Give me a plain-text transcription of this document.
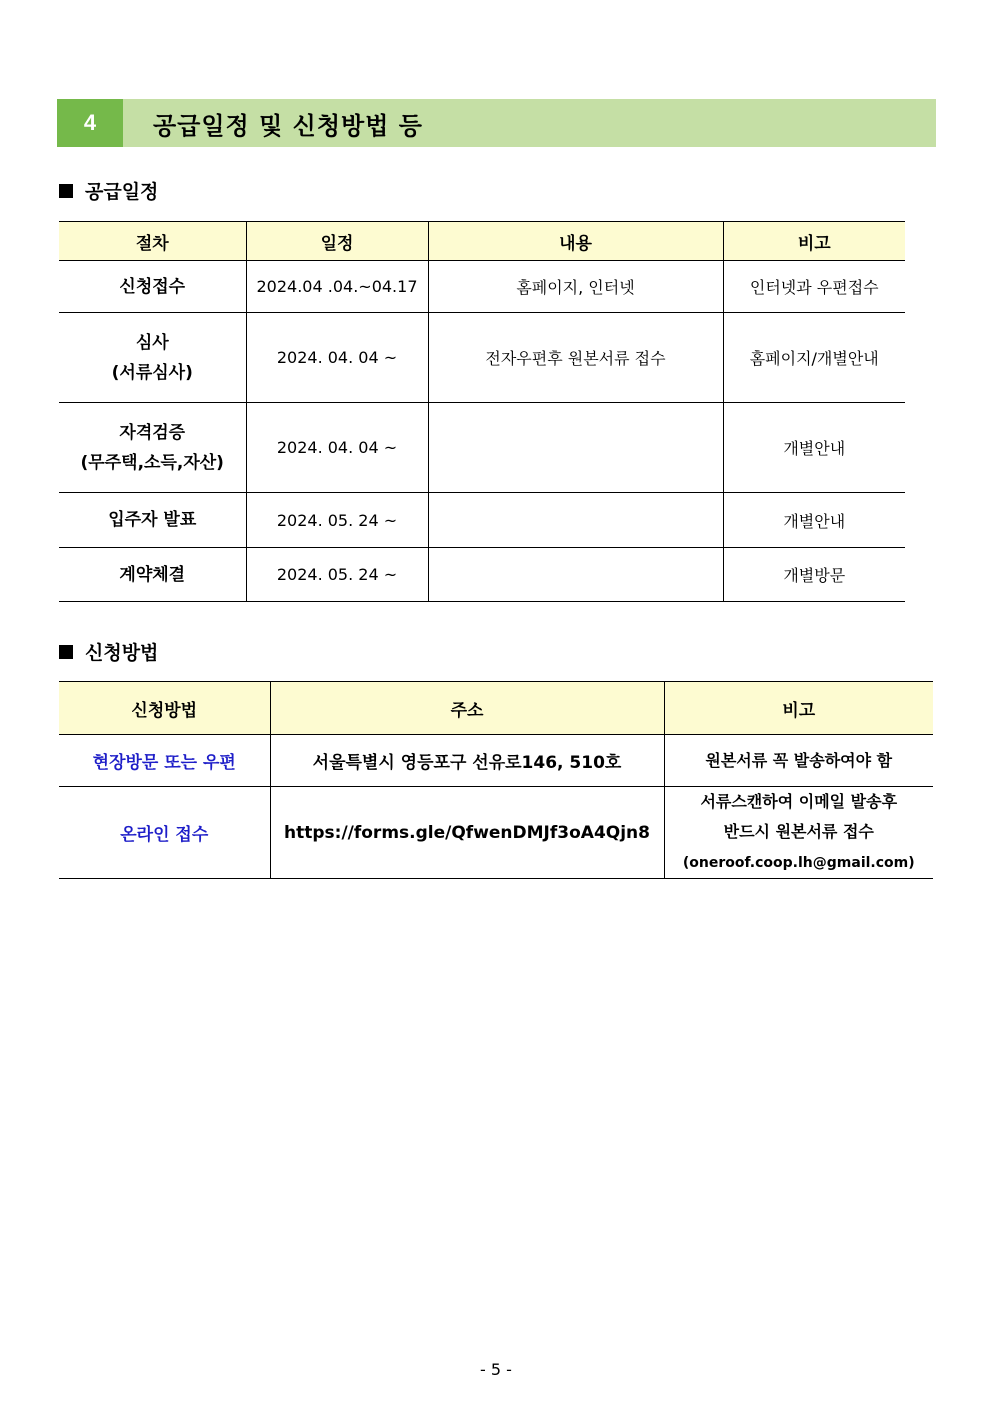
4	공급일정 및 신청방법 등
공급일정
절차	일정	내용	비고
신청접수	2024.04 .04.~04.17	홈페이지, 인터넷	인터넷과 우편접수
심사
(서류심사)	2024. 04. 04 ~	전자우편후 원본서류 접수	홈페이지/개별안내
자격검증
(무주택,소득,자산)	2024. 04. 04 ~		개별안내
입주자 발표	2024. 05. 24 ~		개별안내
계약체결	2024. 05. 24 ~		개별방문
신청방법
신청방법	주소	비고
현장방문 또는 우편	서울특별시 영등포구 선유로146, 510호	원본서류 꼭 발송하여야 함
온라인 접수	https://forms.gle/QfwenDMJf3oA4Qjn8	서류스캔하여 이메일 발송후
반드시 원본서류 접수
(oneroof.coop.lh@gmail.com)
- 5 -
